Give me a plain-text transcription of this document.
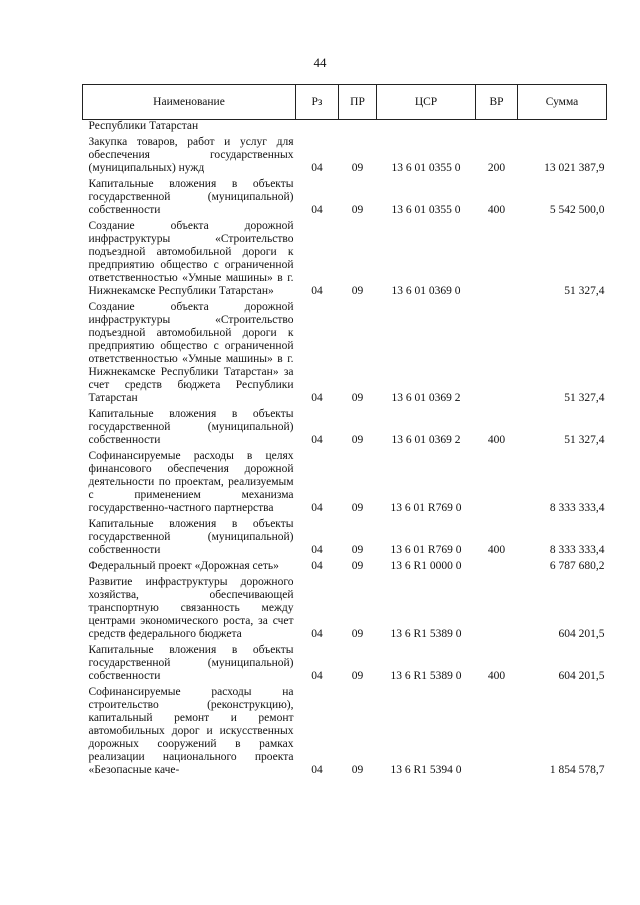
44
Наименование	Рз	ПР	ЦСР	ВР	Сумма
Республики Татарстан					
Закупка товаров, работ и услуг для обеспечения государственных (муниципальных) нужд	04	09	13 6 01 0355 0	200	13 021 387,9
Капитальные вложения в объекты государственной (муниципальной) собственности	04	09	13 6 01 0355 0	400	5 542 500,0
Создание объекта дорожной инфраструктуры «Строительство подъездной автомобильной дороги к предприятию общество с ограниченной ответственностью «Умные машины» в г. Нижнекамске Республики Татарстан»	04	09	13 6 01 0369 0		51 327,4
Создание объекта дорожной инфраструктуры «Строительство подъездной автомобильной дороги к предприятию общество с ограниченной ответственностью «Умные машины» в г. Нижнекамске Республики Татарстан» за счет средств бюджета Республики Татарстан	04	09	13 6 01 0369 2		51 327,4
Капитальные вложения в объекты государственной (муниципальной) собственности	04	09	13 6 01 0369 2	400	51 327,4
Софинансируемые расходы в целях финансового обеспечения дорожной деятельности по проектам, реализуемым с применением механизма государственно-частного партнерства	04	09	13 6 01 R769 0		8 333 333,4
Капитальные вложения в объекты государственной (муниципальной) собственности	04	09	13 6 01 R769 0	400	8 333 333,4
Федеральный проект «Дорожная сеть»	04	09	13 6 R1 0000 0		6 787 680,2
Развитие инфраструктуры дорожного хозяйства, обеспечивающей транспортную связанность между центрами экономического роста, за счет средств федерального бюджета	04	09	13 6 R1 5389 0		604 201,5
Капитальные вложения в объекты государственной (муниципальной) собственности	04	09	13 6 R1 5389 0	400	604 201,5
Софинансируемые расходы на строительство (реконструкцию), капитальный ремонт и ремонт автомобильных дорог и искусственных дорожных сооружений в рамках реализации национального проекта «Безопасные каче-	04	09	13 6 R1 5394 0		1 854 578,7
